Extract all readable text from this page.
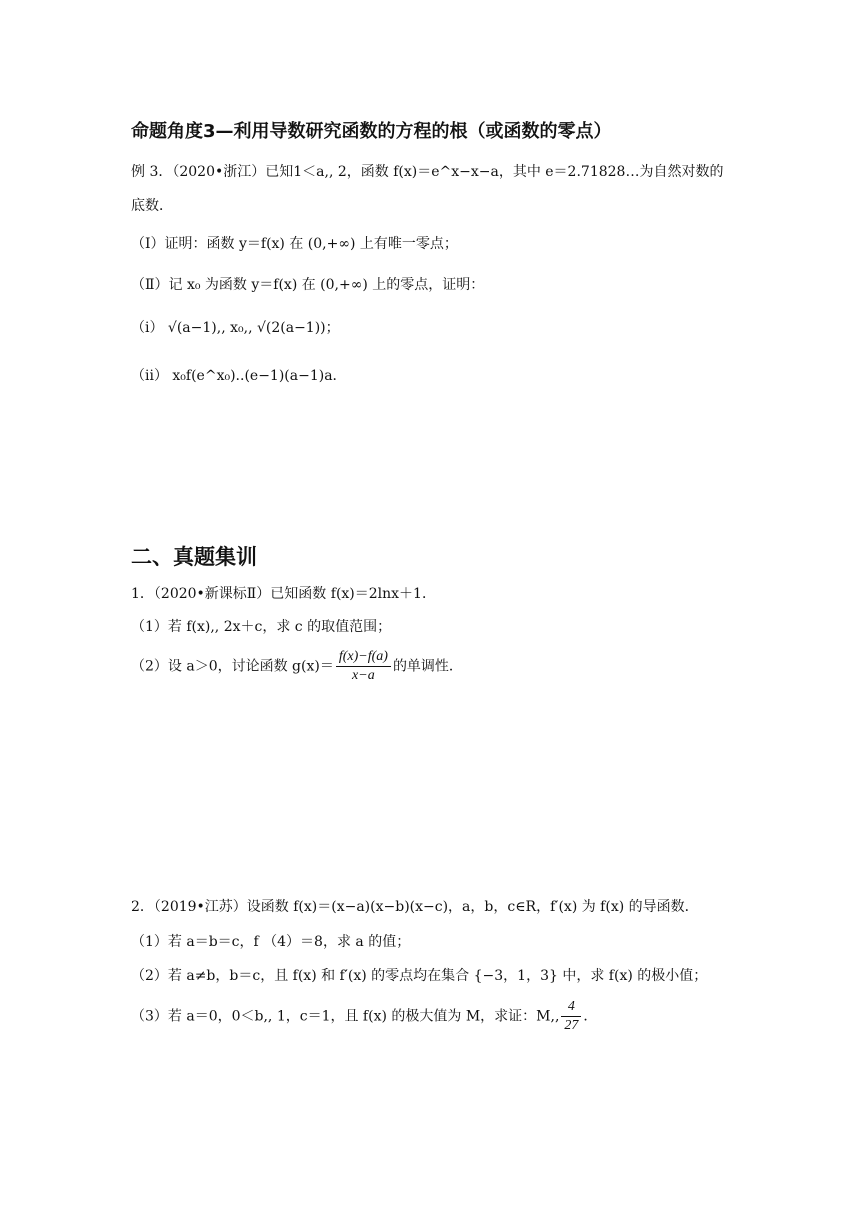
命题角度3—利用导数研究函数的方程的根（或函数的零点）
例 3．（2020•浙江）已知1＜a,, 2，函数 f(x)＝e^x−x−a，其中 e＝2.71828…为自然对数的
底数．
（Ⅰ）证明：函数 y＝f(x) 在 (0,+∞) 上有唯一零点；
（Ⅱ）记 x₀ 为函数 y＝f(x) 在 (0,+∞) 上的零点，证明：
（ⅰ） √(a−1),, x₀,, √(2(a−1))；
（ⅱ） x₀f(e^x₀)..(e−1)(a−1)a．
二、真题集训
1．（2020•新课标Ⅱ）已知函数 f(x)＝2lnx＋1．
（1）若 f(x),, 2x＋c，求 c 的取值范围；
（2）设 a＞0，讨论函数 $g(x)= \frac{f(x)-f(a)}{x-a}$ 的单调性．
2．（2019•江苏）设函数 f(x)＝(x−a)(x−b)(x−c)，a，b，c∈R，f′(x) 为 f(x) 的导函数．
（1）若 a＝b＝c，f （4）＝8，求 a 的值；
（2）若 a≠b，b＝c，且 f(x) 和 f′(x) 的零点均在集合 {−3，1，3} 中，求 f(x) 的极小值；
（3）若 a＝0，0＜b,, 1，c＝1，且 f(x) 的极大值为 M，求证：M,, $\frac{4}{27}$ ．
